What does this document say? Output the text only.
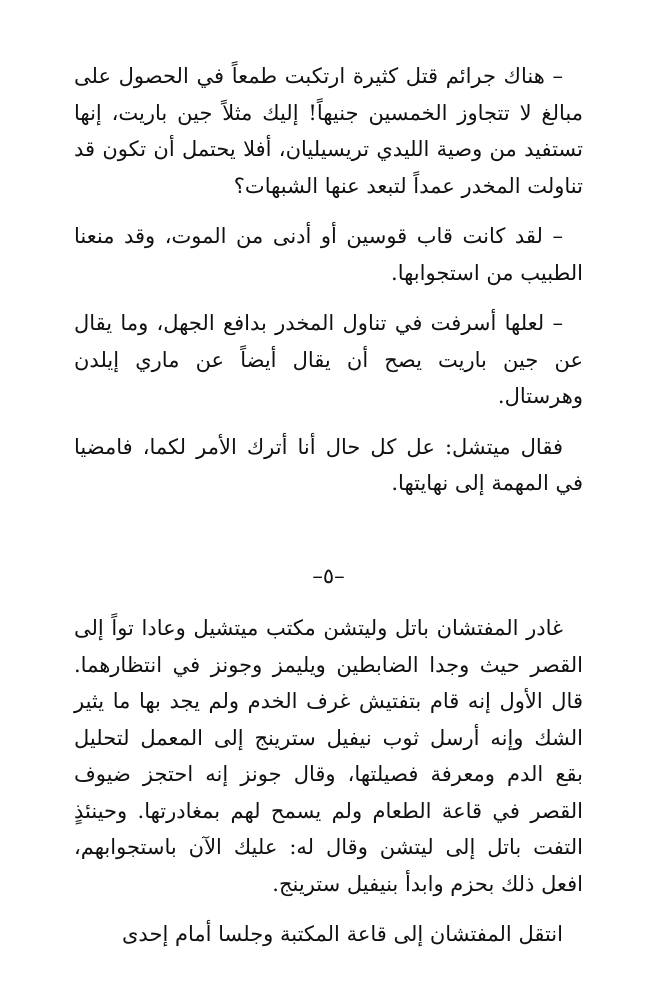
– هناك جرائم قتل كثيرة ارتكبت طمعاً في الحصول على مبالغ لا تتجاوز الخمسين جنيهاً! إليك مثلاً جين باريت، إنها تستفيد من وصية الليدي تريسيليان، أفلا يحتمل أن تكون قد تناولت المخدر عمداً لتبعد عنها الشبهات؟

– لقد كانت قاب قوسين أو أدنى من الموت، وقد منعنا الطبيب من استجوابها.

– لعلها أسرفت في تناول المخدر بدافع الجهل، وما يقال عن جين باريت يصح أن يقال أيضاً عن ماري إيلدن وهرستال.

فقال ميتشل: عل كل حال أنا أترك الأمر لكما، فامضيا في المهمة إلى نهايتها.

–٥–

غادر المفتشان باتل وليتشن مكتب ميتشيل وعادا تواً إلى القصر حيث وجدا الضابطين ويليمز وجونز في انتظارهما. قال الأول إنه قام بتفتيش غرف الخدم ولم يجد بها ما يثير الشك وإنه أرسل ثوب نيفيل سترينج إلى المعمل لتحليل بقع الدم ومعرفة فصيلتها، وقال جونز إنه احتجز ضيوف القصر في قاعة الطعام ولم يسمح لهم بمغادرتها. وحينئذٍ التفت باتل إلى ليتشن وقال له: عليك الآن باستجوابهم، افعل ذلك بحزم وابدأ بنيفيل سترينج.

انتقل المفتشان إلى قاعة المكتبة وجلسا أمام إحدى
